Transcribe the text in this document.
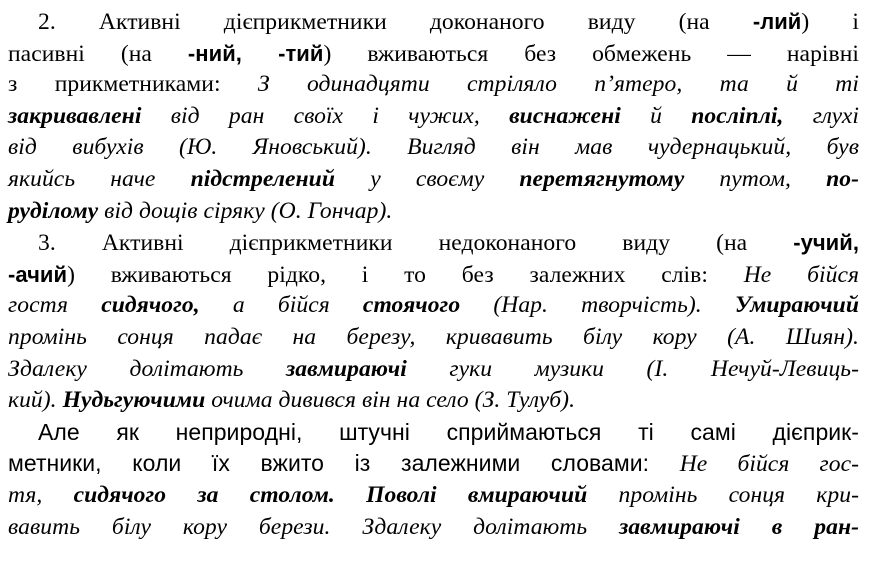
2. Активні дієприкметники доконаного виду (на -лий) і
пасивні (на -ний, -тий) вживаються без обмежень — нарівні
з прикметниками: З одинадцяти стріляло п’ятеро, та й ті
закривавлені від ран своїх і чужих, виснажені й посліплі, глухі
від вибухів (Ю. Яновський). Вигляд він мав чудернацький, був
якийсь наче підстрелений у своєму перетягнутому путом, по-
руділому від дощів сіряку (О. Гончар).
3. Активні дієприкметники недоконаного виду (на -учий,
-ачий) вживаються рідко, і то без залежних слів: Не бійся
гостя сидячого, а бійся стоячого (Нар. творчість). Умираючий
промінь сонця падає на березу, кривавить білу кору (А. Шиян).
Здалеку долітають завмираючі гуки музики (І. Нечуй-Левиць-
кий). Нудьгуючими очима дивився він на село (З. Тулуб).
Але як неприродні, штучні сприймаються ті самі дієприк-
метники, коли їх вжито із залежними словами: Не бійся гос-
тя, сидячого за столом. Поволі вмираючий промінь сонця кри-
вавить білу кору берези. Здалеку долітають завмираючі в ран-
